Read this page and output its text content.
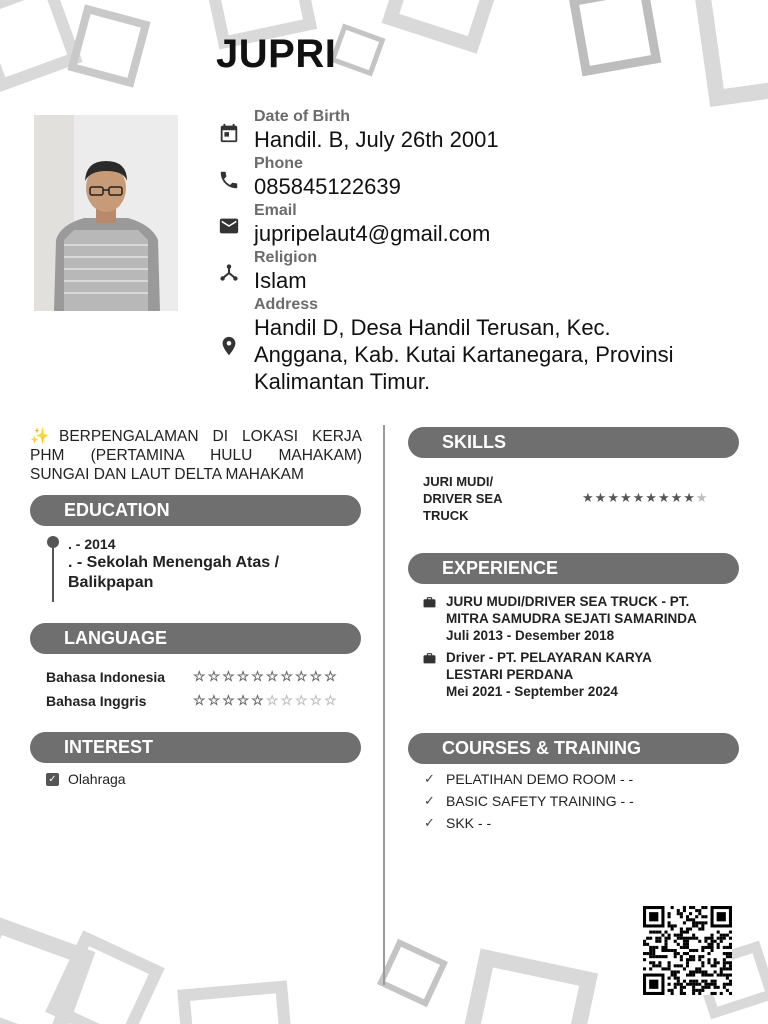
JUPRI
Date of Birth
Handil. B, July 26th 2001
Phone
085845122639
Email
jupripelaut4@gmail.com
Religion
Islam
Address
Handil D, Desa Handil Terusan, Kec.
Anggana, Kab. Kutai Kartanegara, Provinsi
Kalimantan Timur.
✨BERPENGALAMAN DI LOKASI KERJA
PHM (PERTAMINA HULU MAHAKAM)
SUNGAI DAN LAUT DELTA MAHAKAM
EDUCATION
. - 2014
. - Sekolah Menengah Atas /
Balikpapan
LANGUAGE
Bahasa Indonesia	☆ ☆ ☆ ☆ ☆ ☆ ☆ ☆ ☆ ☆
Bahasa Inggris	☆ ☆ ☆ ☆ ☆ ☆ ☆ ☆ ☆ ☆
INTEREST
✓ Olahraga
SKILLS
JURI MUDI/
DRIVER SEA
TRUCK
★ ★ ★ ★ ★ ★ ★ ★ ★ ★
EXPERIENCE
JURU MUDI/DRIVER SEA TRUCK - PT.
MITRA SAMUDRA SEJATI SAMARINDA
Juli 2013 - Desember 2018
Driver - PT. PELAYARAN KARYA
LESTARI PERDANA
Mei 2021 - September 2024
COURSES & TRAINING
✓ PELATIHAN DEMO ROOM - -
✓ BASIC SAFETY TRAINING - -
✓ SKK - -
